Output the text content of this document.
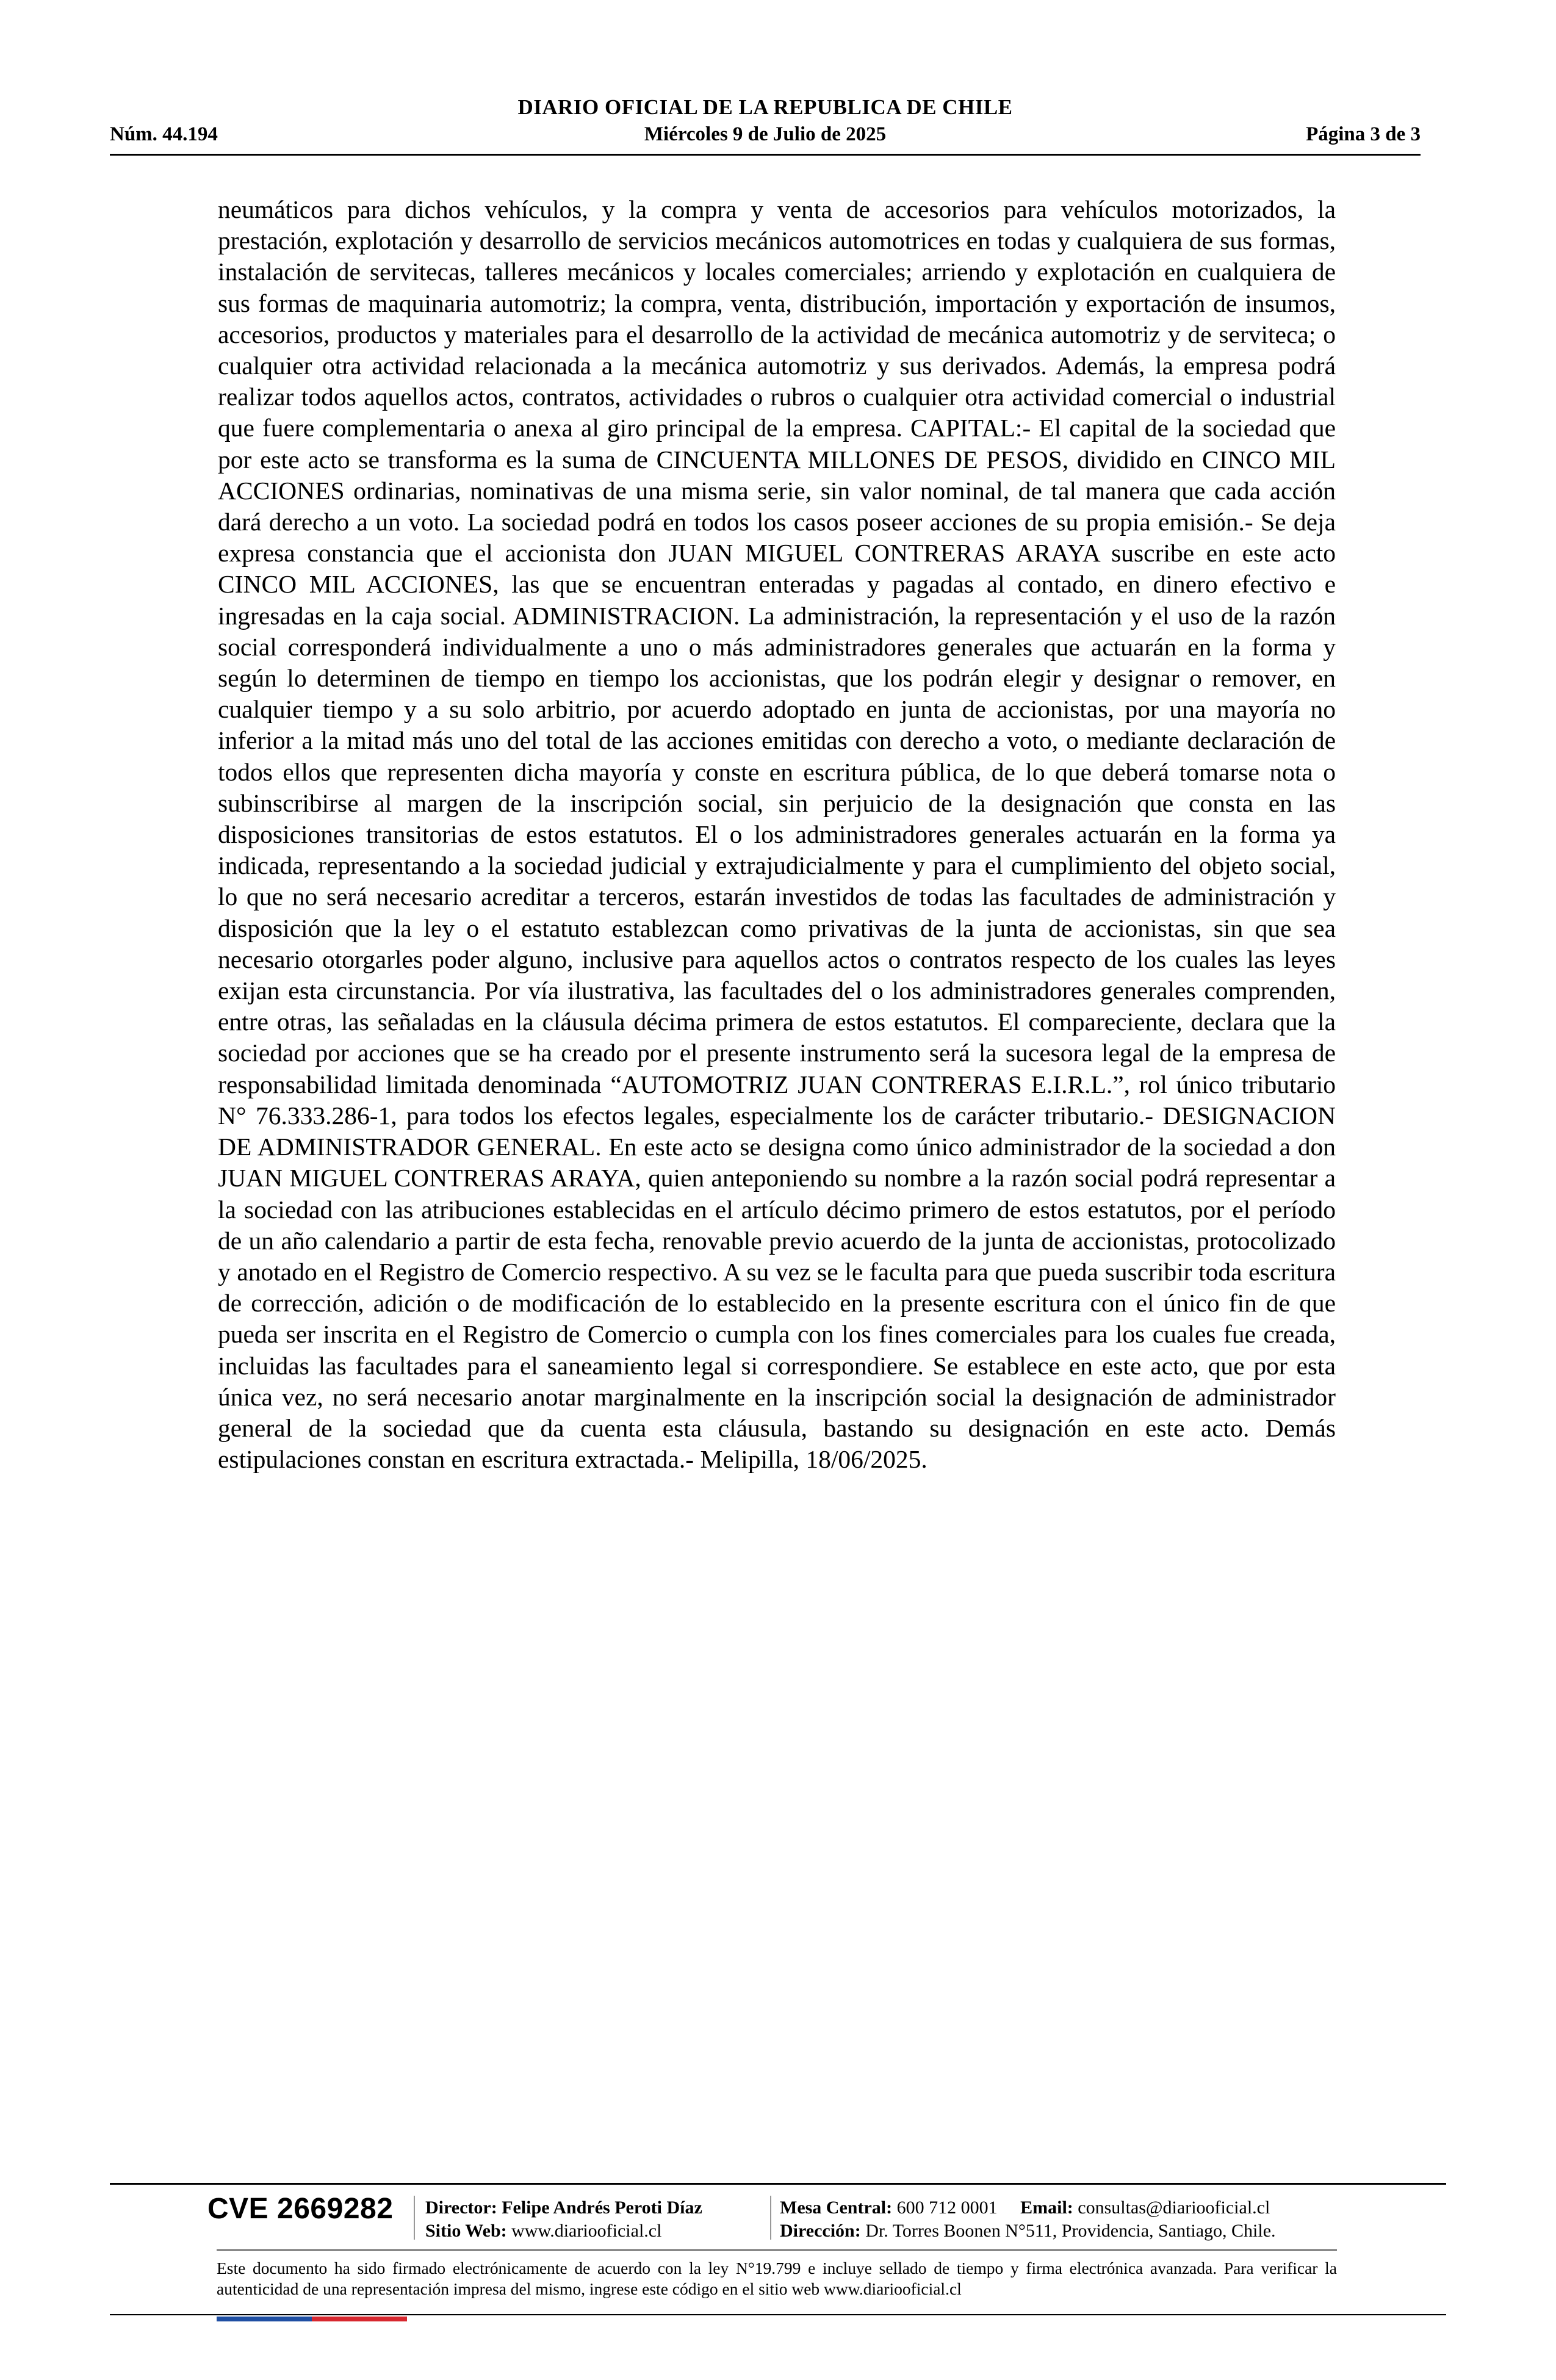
DIARIO OFICIAL DE LA REPUBLICA DE CHILE
Núm. 44.194	Miércoles 9 de Julio de 2025	Página 3 de 3
neumáticos para dichos vehículos, y la compra y venta de accesorios para vehículos motorizados, la prestación, explotación y desarrollo de servicios mecánicos automotrices en todas y cualquiera de sus formas, instalación de servitecas, talleres mecánicos y locales comerciales; arriendo y explotación en cualquiera de sus formas de maquinaria automotriz; la compra, venta, distribución, importación y exportación de insumos, accesorios, productos y materiales para el desarrollo de la actividad de mecánica automotriz y de serviteca; o cualquier otra actividad relacionada a la mecánica automotriz y sus derivados. Además, la empresa podrá realizar todos aquellos actos, contratos, actividades o rubros o cualquier otra actividad comercial o industrial que fuere complementaria o anexa al giro principal de la empresa. CAPITAL:- El capital de la sociedad que por este acto se transforma es la suma de CINCUENTA MILLONES DE PESOS, dividido en CINCO MIL ACCIONES ordinarias, nominativas de una misma serie, sin valor nominal, de tal manera que cada acción dará derecho a un voto. La sociedad podrá en todos los casos poseer acciones de su propia emisión.- Se deja expresa constancia que el accionista don JUAN MIGUEL CONTRERAS ARAYA suscribe en este acto CINCO MIL ACCIONES, las que se encuentran enteradas y pagadas al contado, en dinero efectivo e ingresadas en la caja social. ADMINISTRACION. La administración, la representación y el uso de la razón social corresponderá individualmente a uno o más administradores generales que actuarán en la forma y según lo determinen de tiempo en tiempo los accionistas, que los podrán elegir y designar o remover, en cualquier tiempo y a su solo arbitrio, por acuerdo adoptado en junta de accionistas, por una mayoría no inferior a la mitad más uno del total de las acciones emitidas con derecho a voto, o mediante declaración de todos ellos que representen dicha mayoría y conste en escritura pública, de lo que deberá tomarse nota o subinscribirse al margen de la inscripción social, sin perjuicio de la designación que consta en las disposiciones transitorias de estos estatutos. El o los administradores generales actuarán en la forma ya indicada, representando a la sociedad judicial y extrajudicialmente y para el cumplimiento del objeto social, lo que no será necesario acreditar a terceros, estarán investidos de todas las facultades de administración y disposición que la ley o el estatuto establezcan como privativas de la junta de accionistas, sin que sea necesario otorgarles poder alguno, inclusive para aquellos actos o contratos respecto de los cuales las leyes exijan esta circunstancia. Por vía ilustrativa, las facultades del o los administradores generales comprenden, entre otras, las señaladas en la cláusula décima primera de estos estatutos. El compareciente, declara que la sociedad por acciones que se ha creado por el presente instrumento será la sucesora legal de la empresa de responsabilidad limitada denominada “AUTOMOTRIZ JUAN CONTRERAS E.I.R.L.”, rol único tributario N° 76.333.286-1, para todos los efectos legales, especialmente los de carácter tributario.- DESIGNACION DE ADMINISTRADOR GENERAL. En este acto se designa como único administrador de la sociedad a don JUAN MIGUEL CONTRERAS ARAYA, quien anteponiendo su nombre a la razón social podrá representar a la sociedad con las atribuciones establecidas en el artículo décimo primero de estos estatutos, por el período de un año calendario a partir de esta fecha, renovable previo acuerdo de la junta de accionistas, protocolizado y anotado en el Registro de Comercio respectivo. A su vez se le faculta para que pueda suscribir toda escritura de corrección, adición o de modificación de lo establecido en la presente escritura con el único fin de que pueda ser inscrita en el Registro de Comercio o cumpla con los fines comerciales para los cuales fue creada, incluidas las facultades para el saneamiento legal si correspondiere. Se establece en este acto, que por esta única vez, no será necesario anotar marginalmente en la inscripción social la designación de administrador general de la sociedad que da cuenta esta cláusula, bastando su designación en este acto. Demás estipulaciones constan en escritura extractada.- Melipilla, 18/06/2025.
CVE 2669282 Director: Felipe Andrés Peroti Díaz
Sitio Web: www.diariooficial.cl
Mesa Central: 600 712 0001 Email: consultas@diariooficial.cl
Dirección: Dr. Torres Boonen N°511, Providencia, Santiago, Chile.
Este documento ha sido firmado electrónicamente de acuerdo con la ley N°19.799 e incluye sellado de tiempo y firma electrónica avanzada. Para verificar la autenticidad de una representación impresa del mismo, ingrese este código en el sitio web www.diariooficial.cl
